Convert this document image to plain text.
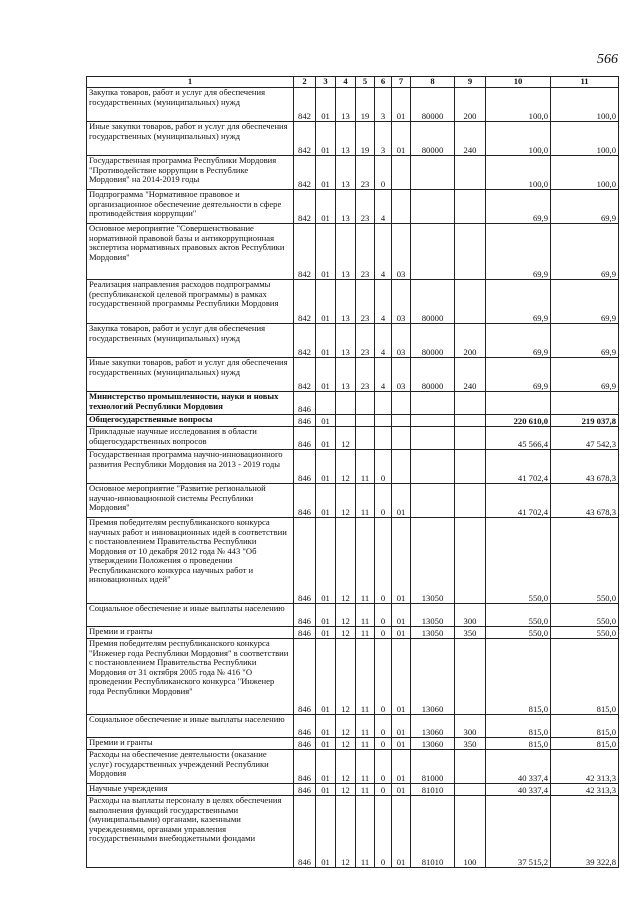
566
1	2	3	4	5	6	7	8	9	10	11
Закупка товаров, работ и услуг для обеспечения государственных (муниципальных) нужд	842	01	13	19	3	01	80000	200	100,0	100,0
Иные закупки товаров, работ и услуг для обеспечения государственных (муниципальных) нужд	842	01	13	19	3	01	80000	240	100,0	100,0
Государственная программа Республики Мордовия "Противодействие коррупции в Республике Мордовия" на 2014-2019 годы	842	01	13	23	0				100,0	100,0
Подпрограмма "Нормативное правовое и организационное обеспечение деятельности в сфере противодействия коррупции"	842	01	13	23	4				69,9	69,9
Основное мероприятие "Совершенствование нормативной правовой базы и антикоррупционная экспертиза нормативных правовых актов Республики Мордовия"	842	01	13	23	4	03			69,9	69,9
Реализация направления расходов подпрограммы (республиканской целевой программы) в рамках государственной программы Республики Мордовия	842	01	13	23	4	03	80000		69,9	69,9
Закупка товаров, работ и услуг для обеспечения государственных (муниципальных) нужд	842	01	13	23	4	03	80000	200	69,9	69,9
Иные закупки товаров, работ и услуг для обеспечения государственных (муниципальных) нужд	842	01	13	23	4	03	80000	240	69,9	69,9
Министерство промышленности, науки и новых технологий Республики Мордовия	846									
Общегосударственные вопросы	846	01							220 610,0	219 037,8
Прикладные научные исследования в области общегосударственных вопросов	846	01	12						45 566,4	47 542,3
Государственная программа научно-инновационного развития Республики Мордовия на 2013 - 2019 годы	846	01	12	11	0				41 702,4	43 678,3
Основное мероприятие "Развитие региональной научно-инновационной системы Республики Мордовия"	846	01	12	11	0	01			41 702,4	43 678,3
Премия победителям республиканского конкурса научных работ и инновационных идей в соответствии с постановлением Правительства Республики Мордовия от 10 декабря 2012 года № 443 "Об утверждении Положения о проведении Республиканского конкурса научных работ и инновационных идей"	846	01	12	11	0	01	13050		550,0	550,0
Социальное обеспечение и иные выплаты населению	846	01	12	11	0	01	13050	300	550,0	550,0
Премии и гранты	846	01	12	11	0	01	13050	350	550,0	550,0
Премия победителям республиканского конкурса "Инженер года Республики Мордовия" в соответствии с постановлением Правительства Республики Мордовия от 31 октября 2005 года № 416 "О проведении Республиканского конкурса "Инженер года Республики Мордовия"	846	01	12	11	0	01	13060		815,0	815,0
Социальное обеспечение и иные выплаты населению	846	01	12	11	0	01	13060	300	815,0	815,0
Премии и гранты	846	01	12	11	0	01	13060	350	815,0	815,0
Расходы на обеспечение деятельности (оказание услуг) государственных учреждений Республики Мордовия	846	01	12	11	0	01	81000		40 337,4	42 313,3
Научные учреждения	846	01	12	11	0	01	81010		40 337,4	42 313,3
Расходы на выплаты персоналу в целях обеспечения выполнения функций государственными (муниципальными) органами, казенными учреждениями, органами управления государственными внебюджетными фондами	846	01	12	11	0	01	81010	100	37 515,2	39 322,8
